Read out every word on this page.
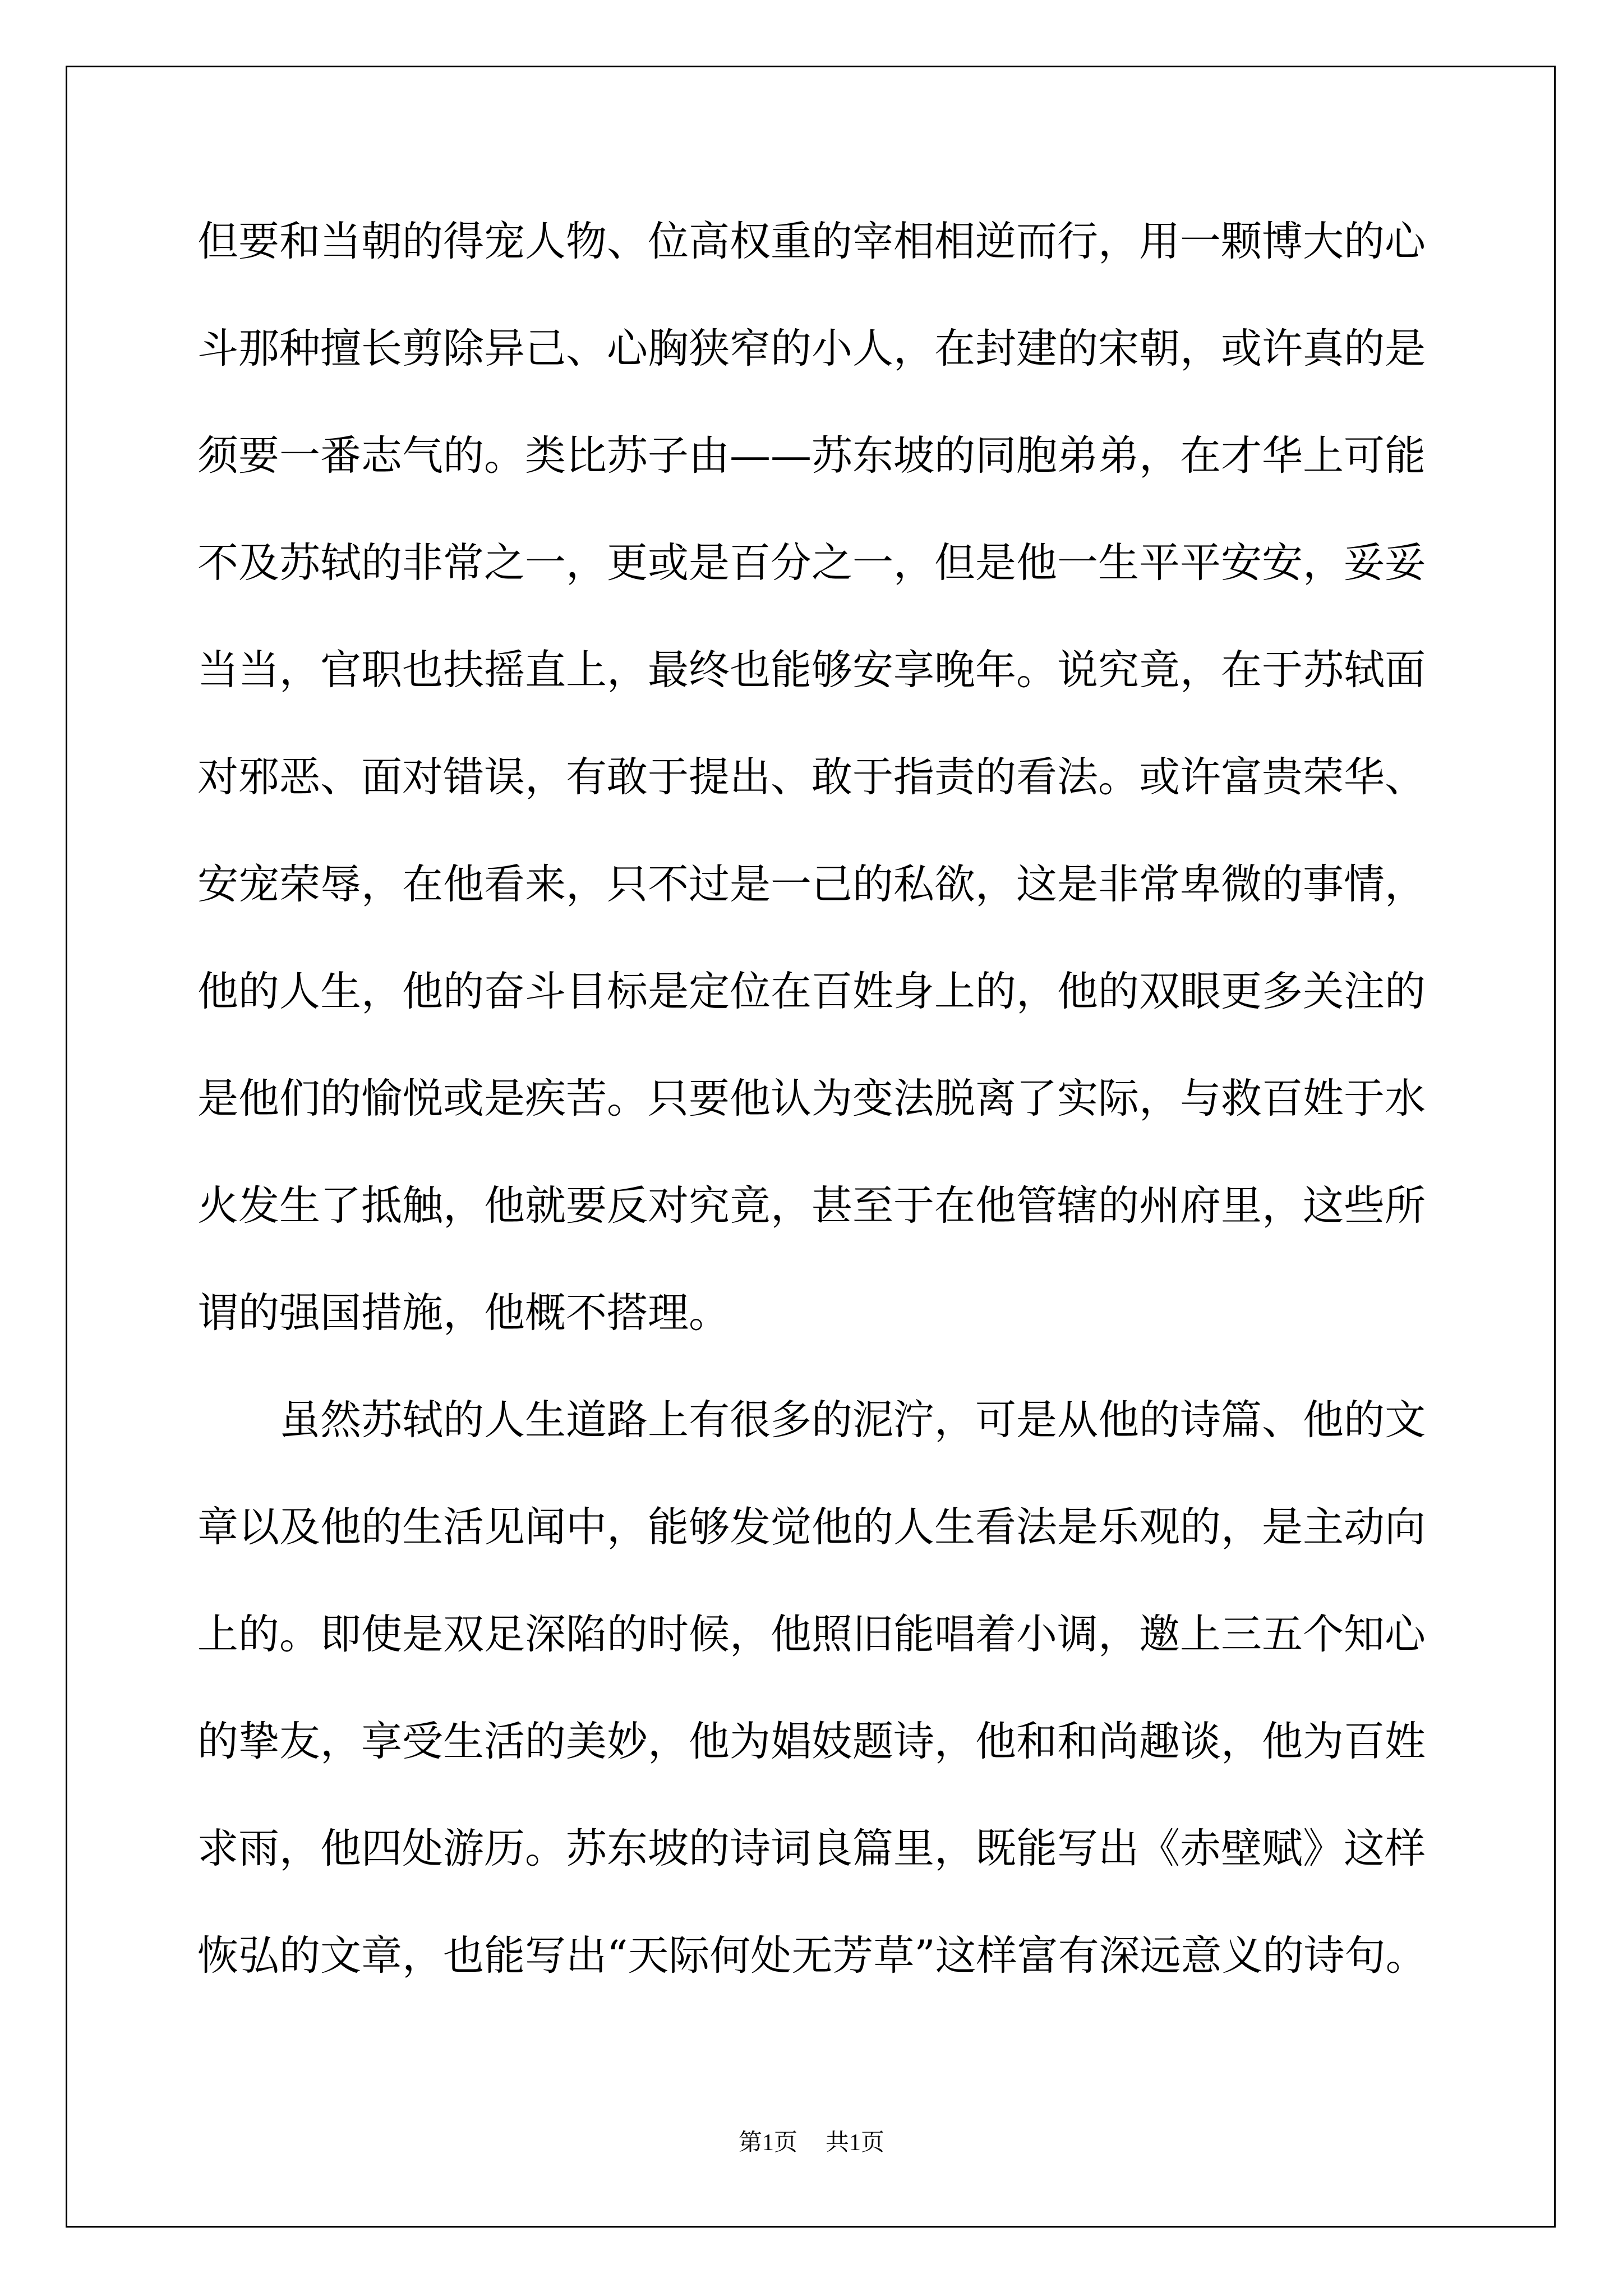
但要和当朝的得宠人物、位高权重的宰相相逆而行，用一颗博大的心
斗那种擅长剪除异己、心胸狭窄的小人，在封建的宋朝，或许真的是
须要一番志气的。类比苏子由——苏东坡的同胞弟弟，在才华上可能
不及苏轼的非常之一，更或是百分之一，但是他一生平平安安，妥妥
当当，官职也扶摇直上，最终也能够安享晚年。说究竟，在于苏轼面
对邪恶、面对错误，有敢于提出、敢于指责的看法。或许富贵荣华、
安宠荣辱，在他看来，只不过是一己的私欲，这是非常卑微的事情，
他的人生，他的奋斗目标是定位在百姓身上的，他的双眼更多关注的
是他们的愉悦或是疾苦。只要他认为变法脱离了实际，与救百姓于水
火发生了抵触，他就要反对究竟，甚至于在他管辖的州府里，这些所
谓的强国措施，他概不搭理。
虽然苏轼的人生道路上有很多的泥泞，可是从他的诗篇、他的文
章以及他的生活见闻中，能够发觉他的人生看法是乐观的，是主动向
上的。即使是双足深陷的时候，他照旧能唱着小调，邀上三五个知心
的挚友，享受生活的美妙，他为娼妓题诗，他和和尚趣谈，他为百姓
求雨，他四处游历。苏东坡的诗词良篇里，既能写出《赤壁赋》这样
恢弘的文章，也能写出“天际何处无芳草”这样富有深远意义的诗句。
第1页 共1页
